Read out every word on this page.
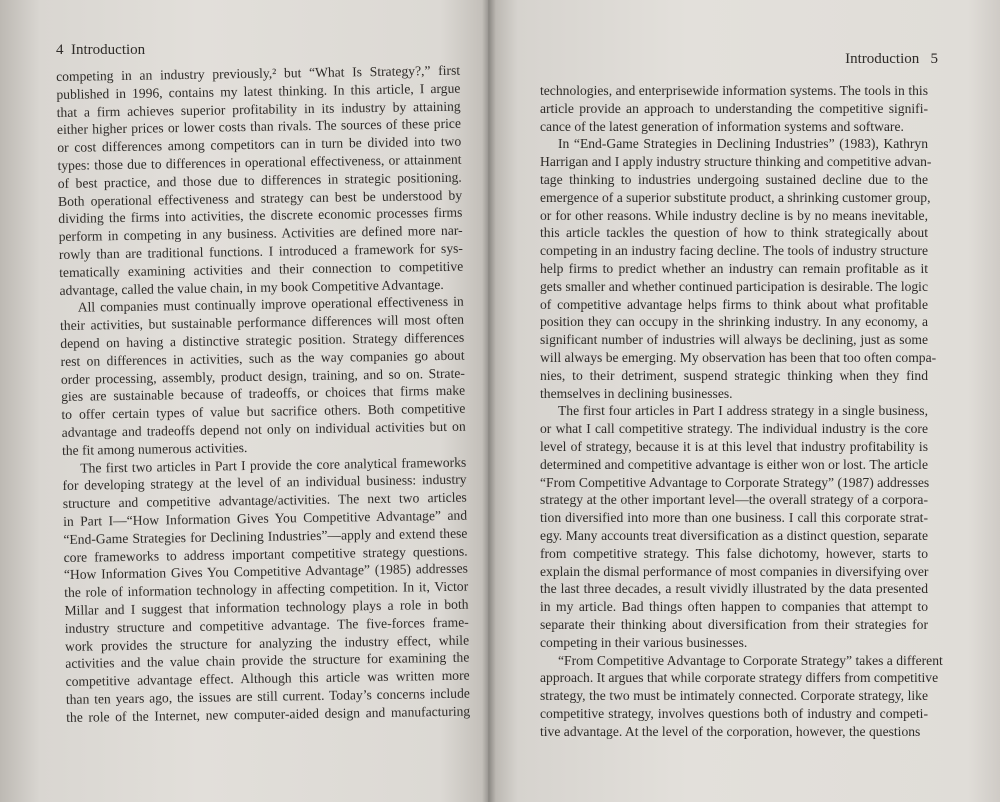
4 Introduction
competing in an industry previously,² but “What Is Strategy?,” first
published in 1996, contains my latest thinking. In this article, I argue
that a firm achieves superior profitability in its industry by attaining
either higher prices or lower costs than rivals. The sources of these price
or cost differences among competitors can in turn be divided into two
types: those due to differences in operational effectiveness, or attainment
of best practice, and those due to differences in strategic positioning.
Both operational effectiveness and strategy can best be understood by
dividing the firms into activities, the discrete economic processes firms
perform in competing in any business. Activities are defined more nar-
rowly than are traditional functions. I introduced a framework for sys-
tematically examining activities and their connection to competitive
advantage, called the value chain, in my book Competitive Advantage.
All companies must continually improve operational effectiveness in
their activities, but sustainable performance differences will most often
depend on having a distinctive strategic position. Strategy differences
rest on differences in activities, such as the way companies go about
order processing, assembly, product design, training, and so on. Strate-
gies are sustainable because of tradeoffs, or choices that firms make
to offer certain types of value but sacrifice others. Both competitive
advantage and tradeoffs depend not only on individual activities but on
the fit among numerous activities.
The first two articles in Part I provide the core analytical frameworks
for developing strategy at the level of an individual business: industry
structure and competitive advantage/activities. The next two articles
in Part I—“How Information Gives You Competitive Advantage” and
“End-Game Strategies for Declining Industries”—apply and extend these
core frameworks to address important competitive strategy questions.
“How Information Gives You Competitive Advantage” (1985) addresses
the role of information technology in affecting competition. In it, Victor
Millar and I suggest that information technology plays a role in both
industry structure and competitive advantage. The five-forces frame-
work provides the structure for analyzing the industry effect, while
activities and the value chain provide the structure for examining the
competitive advantage effect. Although this article was written more
than ten years ago, the issues are still current. Today’s concerns include
the role of the Internet, new computer-aided design and manufacturing
Introduction 5
technologies, and enterprisewide information systems. The tools in this
article provide an approach to understanding the competitive signifi-
cance of the latest generation of information systems and software.
In “End-Game Strategies in Declining Industries” (1983), Kathryn
Harrigan and I apply industry structure thinking and competitive advan-
tage thinking to industries undergoing sustained decline due to the
emergence of a superior substitute product, a shrinking customer group,
or for other reasons. While industry decline is by no means inevitable,
this article tackles the question of how to think strategically about
competing in an industry facing decline. The tools of industry structure
help firms to predict whether an industry can remain profitable as it
gets smaller and whether continued participation is desirable. The logic
of competitive advantage helps firms to think about what profitable
position they can occupy in the shrinking industry. In any economy, a
significant number of industries will always be declining, just as some
will always be emerging. My observation has been that too often compa-
nies, to their detriment, suspend strategic thinking when they find
themselves in declining businesses.
The first four articles in Part I address strategy in a single business,
or what I call competitive strategy. The individual industry is the core
level of strategy, because it is at this level that industry profitability is
determined and competitive advantage is either won or lost. The article
“From Competitive Advantage to Corporate Strategy” (1987) addresses
strategy at the other important level—the overall strategy of a corpora-
tion diversified into more than one business. I call this corporate strat-
egy. Many accounts treat diversification as a distinct question, separate
from competitive strategy. This false dichotomy, however, starts to
explain the dismal performance of most companies in diversifying over
the last three decades, a result vividly illustrated by the data presented
in my article. Bad things often happen to companies that attempt to
separate their thinking about diversification from their strategies for
competing in their various businesses.
“From Competitive Advantage to Corporate Strategy” takes a different
approach. It argues that while corporate strategy differs from competitive
strategy, the two must be intimately connected. Corporate strategy, like
competitive strategy, involves questions both of industry and competi-
tive advantage. At the level of the corporation, however, the questions
